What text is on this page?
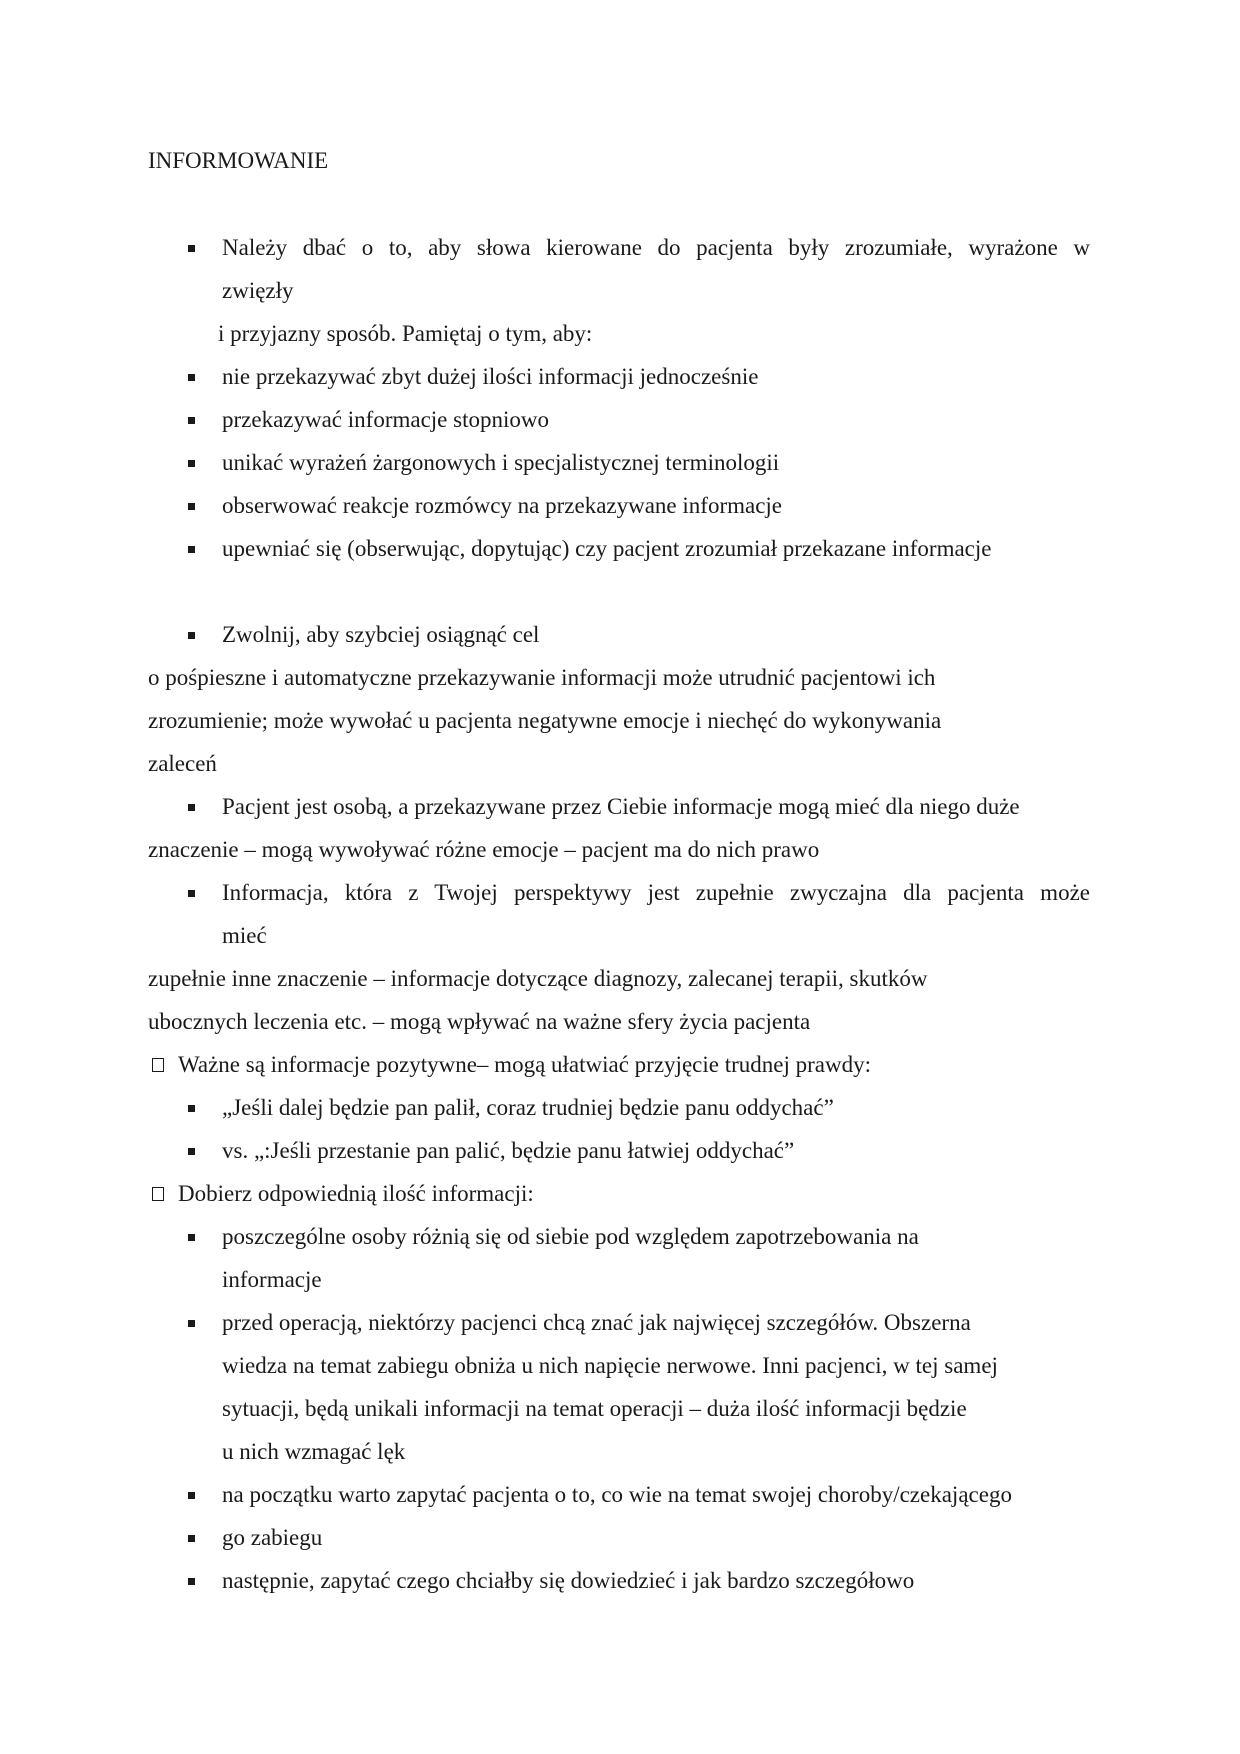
INFORMOWANIE
Należy dbać o to, aby słowa kierowane do pacjenta były zrozumiałe, wyrażone w
zwięzły
i przyjazny sposób. Pamiętaj o tym, aby:
nie przekazywać zbyt dużej ilości informacji jednocześnie
przekazywać informacje stopniowo
unikać wyrażeń żargonowych i specjalistycznej terminologii
obserwować reakcje rozmówcy na przekazywane informacje
upewniać się (obserwując, dopytując) czy pacjent zrozumiał przekazane informacje
Zwolnij, aby szybciej osiągnąć cel
o pośpieszne i automatyczne przekazywanie informacji może utrudnić pacjentowi ich
zrozumienie; może wywołać u pacjenta negatywne emocje i niechęć do wykonywania
zaleceń
Pacjent jest osobą, a przekazywane przez Ciebie informacje mogą mieć dla niego duże
znaczenie – mogą wywoływać różne emocje – pacjent ma do nich prawo
Informacja, która z Twojej perspektywy jest zupełnie zwyczajna dla pacjenta może
mieć
zupełnie inne znaczenie – informacje dotyczące diagnozy, zalecanej terapii, skutków
ubocznych leczenia etc. – mogą wpływać na ważne sfery życia pacjenta
Ważne są informacje pozytywne– mogą ułatwiać przyjęcie trudnej prawdy:
„Jeśli dalej będzie pan palił, coraz trudniej będzie panu oddychać”
vs. „:Jeśli przestanie pan palić, będzie panu łatwiej oddychać”
Dobierz odpowiednią ilość informacji:
poszczególne osoby różnią się od siebie pod względem zapotrzebowania na
informacje
przed operacją, niektórzy pacjenci chcą znać jak najwięcej szczegółów. Obszerna
wiedza na temat zabiegu obniża u nich napięcie nerwowe. Inni pacjenci, w tej samej
sytuacji, będą unikali informacji na temat operacji – duża ilość informacji będzie
u nich wzmagać lęk
na początku warto zapytać pacjenta o to, co wie na temat swojej choroby/czekającego
go zabiegu
następnie, zapytać czego chciałby się dowiedzieć i jak bardzo szczegółowo
